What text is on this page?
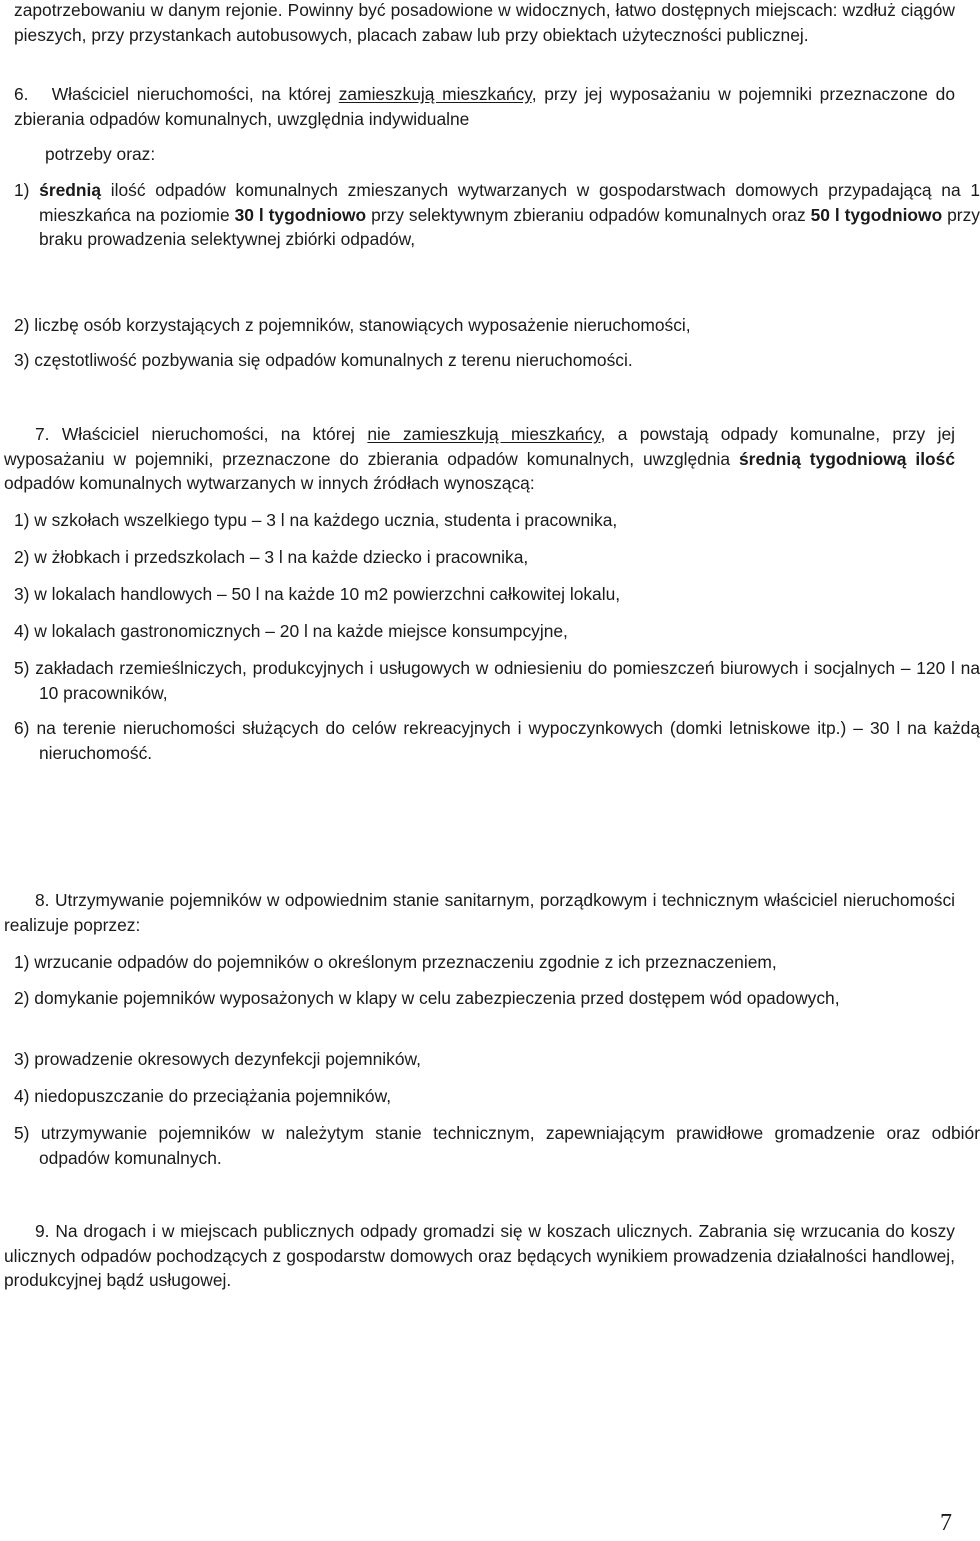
zapotrzebowaniu w danym rejonie. Powinny być posadowione w widocznych, łatwo dostępnych miejscach: wzdłuż ciągów pieszych, przy przystankach autobusowych, placach zabaw lub przy obiektach użyteczności publicznej.
6. Właściciel nieruchomości, na której zamieszkują mieszkańcy, przy jej wyposażaniu w pojemniki przeznaczone do zbierania odpadów komunalnych, uwzględnia indywidualne
potrzeby oraz:
1) średnią ilość odpadów komunalnych zmieszanych wytwarzanych w gospodarstwach domowych przypadającą na 1 mieszkańca na poziomie 30 l tygodniowo przy selektywnym zbieraniu odpadów komunalnych oraz 50 l tygodniowo przy braku prowadzenia selektywnej zbiórki odpadów,
2) liczbę osób korzystających z pojemników, stanowiących wyposażenie nieruchomości,
3) częstotliwość pozbywania się odpadów komunalnych z terenu nieruchomości.
7. Właściciel nieruchomości, na której nie zamieszkują mieszkańcy, a powstają odpady komunalne, przy jej wyposażaniu w pojemniki, przeznaczone do zbierania odpadów komunalnych, uwzględnia średnią tygodniową ilość odpadów komunalnych wytwarzanych w innych źródłach wynoszącą:
1) w szkołach wszelkiego typu – 3 l na każdego ucznia, studenta i pracownika,
2) w żłobkach i przedszkolach – 3 l na każde dziecko i pracownika,
3) w lokalach handlowych – 50 l na każde 10 m2 powierzchni całkowitej lokalu,
4) w lokalach gastronomicznych – 20 l na każde miejsce konsumpcyjne,
5) zakładach rzemieślniczych, produkcyjnych i usługowych w odniesieniu do pomieszczeń biurowych i socjalnych – 120 l na 10 pracowników,
6) na terenie nieruchomości służących do celów rekreacyjnych i wypoczynkowych (domki letniskowe itp.) – 30 l na każdą nieruchomość.
8. Utrzymywanie pojemników w odpowiednim stanie sanitarnym, porządkowym i technicznym właściciel nieruchomości realizuje poprzez:
1) wrzucanie odpadów do pojemników o określonym przeznaczeniu zgodnie z ich przeznaczeniem,
2) domykanie pojemników wyposażonych w klapy w celu zabezpieczenia przed dostępem wód opadowych,
3) prowadzenie okresowych dezynfekcji pojemników,
4) niedopuszczanie do przeciążania pojemników,
5) utrzymywanie pojemników w należytym stanie technicznym, zapewniającym prawidłowe gromadzenie oraz odbiór odpadów komunalnych.
9. Na drogach i w miejscach publicznych odpady gromadzi się w koszach ulicznych. Zabrania się wrzucania do koszy ulicznych odpadów pochodzących z gospodarstw domowych oraz będących wynikiem prowadzenia działalności handlowej, produkcyjnej bądź usługowej.
7
